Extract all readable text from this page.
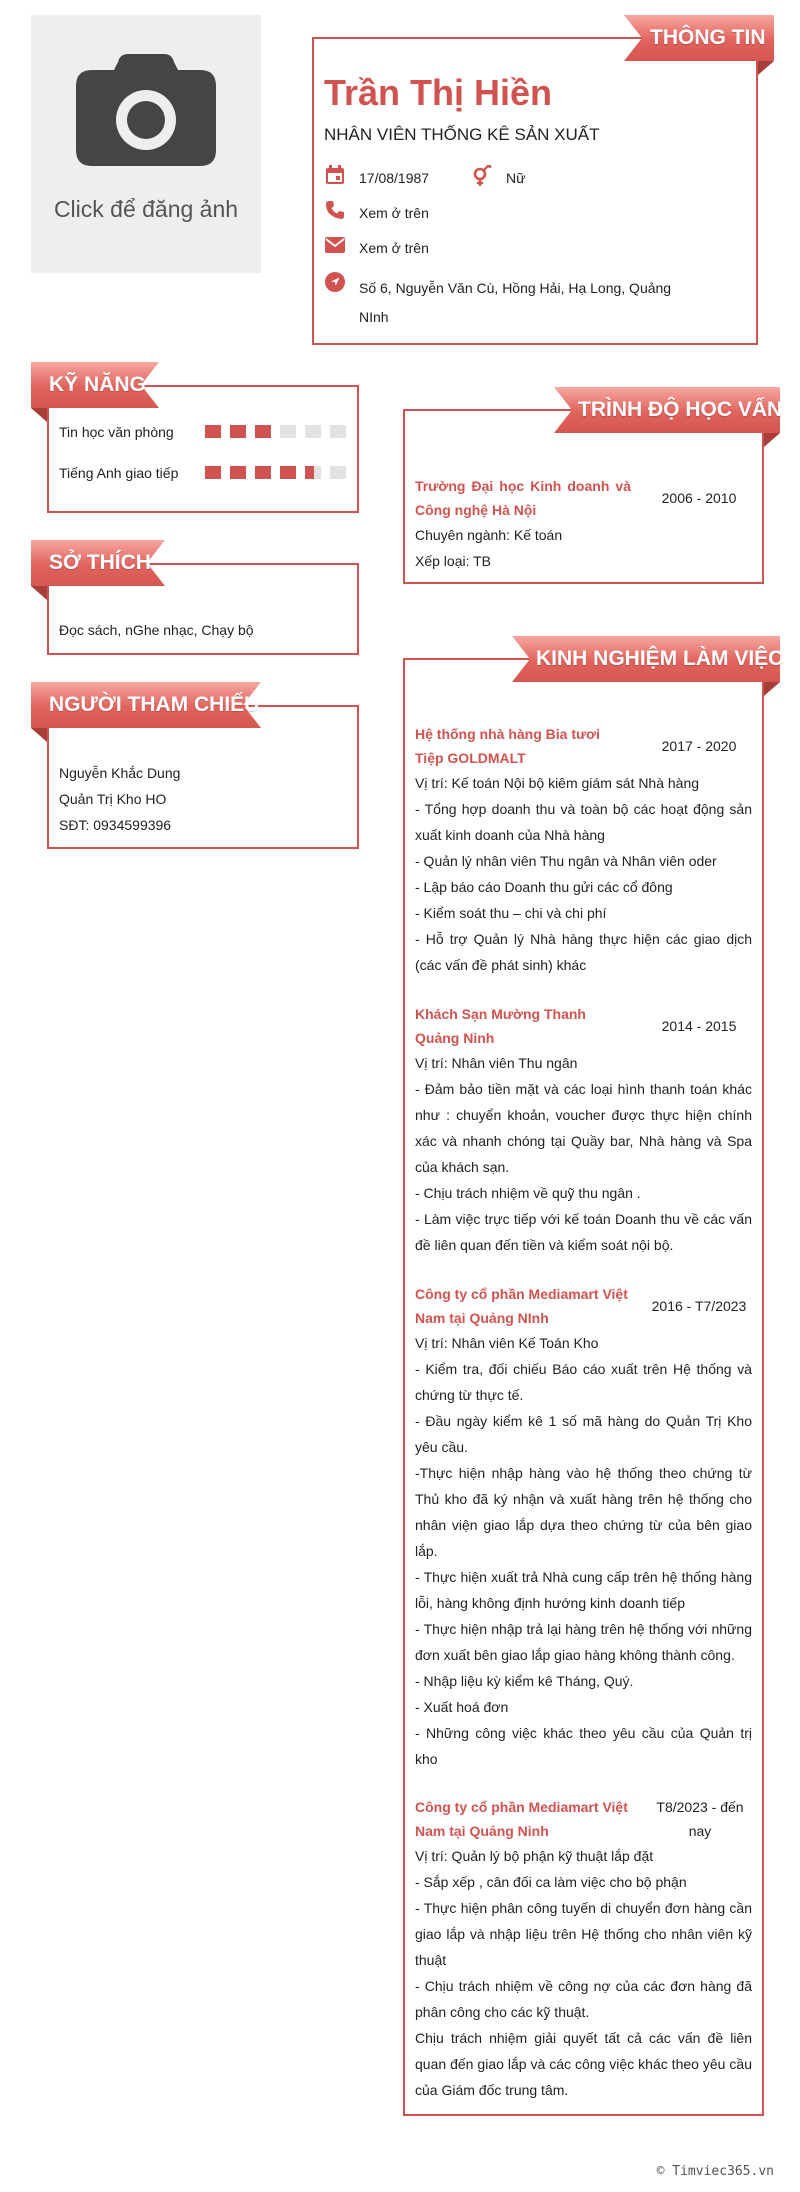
Click để đăng ảnh
THÔNG TIN
Trần Thị Hiền
NHÂN VIÊN THỐNG KÊ SẢN XUẤT
17/08/1987	Nữ
Xem ở trên
Xem ở trên
Số 6, Nguyễn Văn Cù, Hồng Hải, Hạ Long, Quảng NInh
KỸ NĂNG
Tin học văn phòng
Tiếng Anh giao tiếp
SỞ THÍCH
Đọc sách, nGhe nhạc, Chạy bộ
NGƯỜI THAM CHIẾU
Nguyễn Khắc Dung
Quản Trị Kho HO
SĐT: 0934599396
TRÌNH ĐỘ HỌC VẤN
Trường Đại học Kinh doanh và Công nghệ Hà Nội
2006 - 2010
Chuyên ngành: Kế toán
Xếp loại: TB
KINH NGHIỆM LÀM VIỆC
Hệ thống nhà hàng Bia tươi Tiệp GOLDMALT
2017 - 2020
Vị trí: Kế toán Nội bộ kiêm giám sát Nhà hàng
- Tổng hợp doanh thu và toàn bộ các hoạt động sản xuất kinh doanh của Nhà hàng
- Quản lý nhân viên Thu ngân và Nhân viên oder
- Lập báo cáo Doanh thu gửi các cổ đông
- Kiểm soát thu – chi và chi phí
- Hỗ trợ Quản lý Nhà hàng thực hiện các giao dịch (các vấn đề phát sinh) khác
Khách Sạn Mường Thanh Quảng Ninh
2014 - 2015
Vị trí: Nhân viên Thu ngân
- Đảm bảo tiền mặt và các loại hình thanh toán khác như : chuyển khoản, voucher được thực hiện chính xác và nhanh chóng tại Quầy bar, Nhà hàng và Spa của khách sạn.
- Chịu trách nhiệm về quỹ thu ngân .
- Làm việc trực tiếp với kế toán Doanh thu về các vấn đề liên quan đến tiền và kiểm soát nội bộ.
Công ty cổ phần Mediamart Việt Nam tại Quảng NInh
2016 - T7/2023
Vị trí: Nhân viên Kế Toán Kho
- Kiểm tra, đối chiếu Báo cáo xuất trên Hệ thống và chứng từ thực tế.
- Đầu ngày kiểm kê 1 số mã hàng do Quản Trị Kho yêu cầu.
-Thực hiện nhập hàng vào hệ thống theo chứng từ Thủ kho đã ký nhận và xuất hàng trên hệ thống cho nhân viện giao lắp dựa theo chứng từ của bên giao lắp.
- Thực hiện xuất trả Nhà cung cấp trên hệ thống hàng lỗi, hàng không định hướng kinh doanh tiếp
- Thực hiện nhập trả lại hàng trên hệ thống với những đơn xuất bên giao lắp giao hàng không thành công.
- Nhập liệu kỳ kiểm kê Tháng, Quý.
- Xuất hoá đơn
- Những công việc khác theo yêu cầu của Quản trị kho
Công ty cổ phần Mediamart Việt Nam tại Quảng Ninh
T8/2023 - đến nay
Vị trí: Quản lý bộ phận kỹ thuật lắp đặt
- Sắp xếp , cân đối ca làm việc cho bộ phận
- Thực hiện phân công tuyến di chuyển đơn hàng cần giao lắp và nhập liệu trên Hệ thống cho nhân viên kỹ thuật
- Chịu trách nhiệm về công nợ của các đơn hàng đã phân công cho các kỹ thuật.
Chịu trách nhiệm giải quyết tất cả các vấn đề liên quan đến giao lắp và các công việc khác theo yêu cầu của Giám đốc trung tâm.
© Timviec365.vn
